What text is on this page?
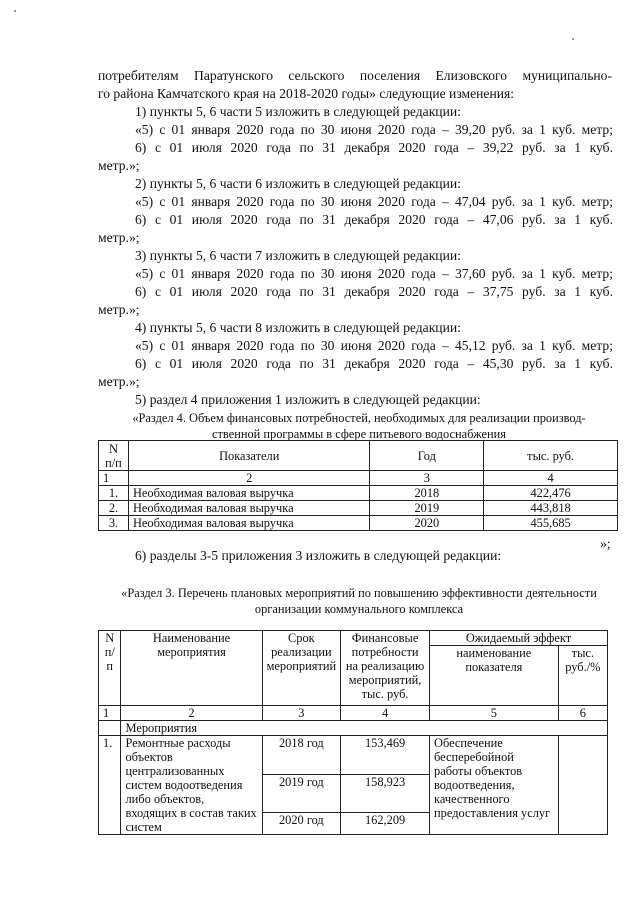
потребителям Паратунского сельского поселения Елизовского муниципально-
го района Камчатского края на 2018-2020 годы» следующие изменения:
1) пункты 5, 6 части 5 изложить в следующей редакции:
«5) с 01 января 2020 года по 30 июня 2020 года – 39,20 руб. за 1 куб. метр;
6) с 01 июля 2020 года по 31 декабря 2020 года – 39,22 руб. за 1 куб.
метр.»;
2) пункты 5, 6 части 6 изложить в следующей редакции:
«5) с 01 января 2020 года по 30 июня 2020 года – 47,04 руб. за 1 куб. метр;
6) с 01 июля 2020 года по 31 декабря 2020 года – 47,06 руб. за 1 куб.
метр.»;
3) пункты 5, 6 части 7 изложить в следующей редакции:
«5) с 01 января 2020 года по 30 июня 2020 года – 37,60 руб. за 1 куб. метр;
6) с 01 июля 2020 года по 31 декабря 2020 года – 37,75 руб. за 1 куб.
метр.»;
4) пункты 5, 6 части 8 изложить в следующей редакции:
«5) с 01 января 2020 года по 30 июня 2020 года – 45,12 руб. за 1 куб. метр;
6) с 01 июля 2020 года по 31 декабря 2020 года – 45,30 руб. за 1 куб.
метр.»;
5) раздел 4 приложения 1 изложить в следующей редакции:
«Раздел 4. Объем финансовых потребностей, необходимых для реализации производ-
ственной программы в сфере питьевого водоснабжения
N п/п	Показатели	Год	тыс. руб.
1	2	3	4
1.	Необходимая валовая выручка	2018	422,476
2.	Необходимая валовая выручка	2019	443,818
3.	Необходимая валовая выручка	2020	455,685
»;
6) разделы 3-5 приложения 3 изложить в следующей редакции:
«Раздел 3. Перечень плановых мероприятий по повышению эффективности деятельности
организации коммунального комплекса
N п/ п	Наименование мероприятия	Срок реализации мероприятий	Финансовые потребности на реализацию мероприятий, тыс. руб.	Ожидаемый эффект	
				наименование показателя	тыс. руб./%
1	2	3	4	5	6
	Мероприятия				
1.	Ремонтные расходы объектов централизованных систем водоотведения либо объектов, входящих в состав таких систем	2018 год	153,469	Обеспечение бесперебойной работы объектов водоотведения, качественного предоставления услуг	
		2019 год	158,923		
		2020 год	162,209		
